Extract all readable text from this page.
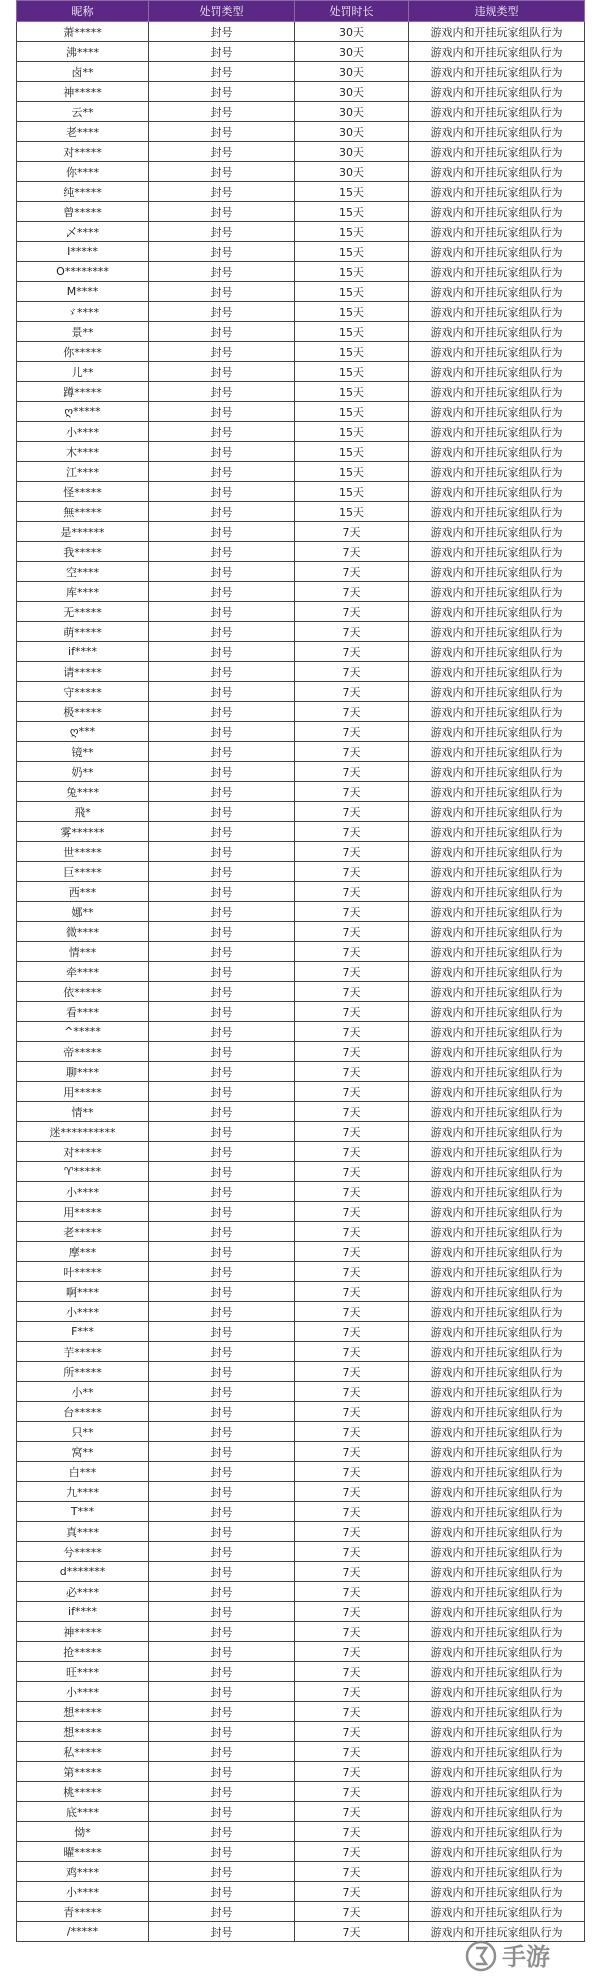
昵称	处罚类型	处罚时长	违规类型
萧*****	封号	30天	游戏内和开挂玩家组队行为
沸****	封号	30天	游戏内和开挂玩家组队行为
卤**	封号	30天	游戏内和开挂玩家组队行为
神*****	封号	30天	游戏内和开挂玩家组队行为
云**	封号	30天	游戏内和开挂玩家组队行为
老****	封号	30天	游戏内和开挂玩家组队行为
对*****	封号	30天	游戏内和开挂玩家组队行为
你****	封号	30天	游戏内和开挂玩家组队行为
纯*****	封号	15天	游戏内和开挂玩家组队行为
曾*****	封号	15天	游戏内和开挂玩家组队行为
乄****	封号	15天	游戏内和开挂玩家组队行为
I*****	封号	15天	游戏内和开挂玩家组队行为
O********	封号	15天	游戏内和开挂玩家组队行为
M****	封号	15天	游戏内和开挂玩家组队行为
ゞ****	封号	15天	游戏内和开挂玩家组队行为
景**	封号	15天	游戏内和开挂玩家组队行为
你*****	封号	15天	游戏内和开挂玩家组队行为
儿**	封号	15天	游戏内和开挂玩家组队行为
蹲*****	封号	15天	游戏内和开挂玩家组队行为
ღ*****	封号	15天	游戏内和开挂玩家组队行为
小****	封号	15天	游戏内和开挂玩家组队行为
木****	封号	15天	游戏内和开挂玩家组队行为
江****	封号	15天	游戏内和开挂玩家组队行为
怪*****	封号	15天	游戏内和开挂玩家组队行为
無*****	封号	15天	游戏内和开挂玩家组队行为
是******	封号	7天	游戏内和开挂玩家组队行为
我*****	封号	7天	游戏内和开挂玩家组队行为
空****	封号	7天	游戏内和开挂玩家组队行为
库****	封号	7天	游戏内和开挂玩家组队行为
无*****	封号	7天	游戏内和开挂玩家组队行为
萌*****	封号	7天	游戏内和开挂玩家组队行为
if****	封号	7天	游戏内和开挂玩家组队行为
请*****	封号	7天	游戏内和开挂玩家组队行为
守*****	封号	7天	游戏内和开挂玩家组队行为
极*****	封号	7天	游戏内和开挂玩家组队行为
ღ***	封号	7天	游戏内和开挂玩家组队行为
镜**	封号	7天	游戏内和开挂玩家组队行为
奶**	封号	7天	游戏内和开挂玩家组队行为
兔****	封号	7天	游戏内和开挂玩家组队行为
飛*	封号	7天	游戏内和开挂玩家组队行为
雾******	封号	7天	游戏内和开挂玩家组队行为
世*****	封号	7天	游戏内和开挂玩家组队行为
巨*****	封号	7天	游戏内和开挂玩家组队行为
西***	封号	7天	游戏内和开挂玩家组队行为
娜**	封号	7天	游戏内和开挂玩家组队行为
微****	封号	7天	游戏内和开挂玩家组队行为
情***	封号	7天	游戏内和开挂玩家组队行为
牵****	封号	7天	游戏内和开挂玩家组队行为
依*****	封号	7天	游戏内和开挂玩家组队行为
看****	封号	7天	游戏内和开挂玩家组队行为
^*****	封号	7天	游戏内和开挂玩家组队行为
帝*****	封号	7天	游戏内和开挂玩家组队行为
聊****	封号	7天	游戏内和开挂玩家组队行为
用*****	封号	7天	游戏内和开挂玩家组队行为
情**	封号	7天	游戏内和开挂玩家组队行为
迷**********	封号	7天	游戏内和开挂玩家组队行为
对*****	封号	7天	游戏内和开挂玩家组队行为
♈*****	封号	7天	游戏内和开挂玩家组队行为
小****	封号	7天	游戏内和开挂玩家组队行为
用*****	封号	7天	游戏内和开挂玩家组队行为
老*****	封号	7天	游戏内和开挂玩家组队行为
摩***	封号	7天	游戏内和开挂玩家组队行为
叶*****	封号	7天	游戏内和开挂玩家组队行为
啊****	封号	7天	游戏内和开挂玩家组队行为
小****	封号	7天	游戏内和开挂玩家组队行为
F***	封号	7天	游戏内和开挂玩家组队行为
芋*****	封号	7天	游戏内和开挂玩家组队行为
所*****	封号	7天	游戏内和开挂玩家组队行为
小**	封号	7天	游戏内和开挂玩家组队行为
台*****	封号	7天	游戏内和开挂玩家组队行为
只**	封号	7天	游戏内和开挂玩家组队行为
窝**	封号	7天	游戏内和开挂玩家组队行为
白***	封号	7天	游戏内和开挂玩家组队行为
九****	封号	7天	游戏内和开挂玩家组队行为
T***	封号	7天	游戏内和开挂玩家组队行为
真****	封号	7天	游戏内和开挂玩家组队行为
兮*****	封号	7天	游戏内和开挂玩家组队行为
d*******	封号	7天	游戏内和开挂玩家组队行为
必****	封号	7天	游戏内和开挂玩家组队行为
if****	封号	7天	游戏内和开挂玩家组队行为
神*****	封号	7天	游戏内和开挂玩家组队行为
抢*****	封号	7天	游戏内和开挂玩家组队行为
旺****	封号	7天	游戏内和开挂玩家组队行为
小****	封号	7天	游戏内和开挂玩家组队行为
想*****	封号	7天	游戏内和开挂玩家组队行为
想*****	封号	7天	游戏内和开挂玩家组队行为
私*****	封号	7天	游戏内和开挂玩家组队行为
第*****	封号	7天	游戏内和开挂玩家组队行为
桃*****	封号	7天	游戏内和开挂玩家组队行为
底****	封号	7天	游戏内和开挂玩家组队行为
怮*	封号	7天	游戏内和开挂玩家组队行为
曜*****	封号	7天	游戏内和开挂玩家组队行为
鸡****	封号	7天	游戏内和开挂玩家组队行为
小****	封号	7天	游戏内和开挂玩家组队行为
青*****	封号	7天	游戏内和开挂玩家组队行为
/*****	封号	7天	游戏内和开挂玩家组队行为
手游
